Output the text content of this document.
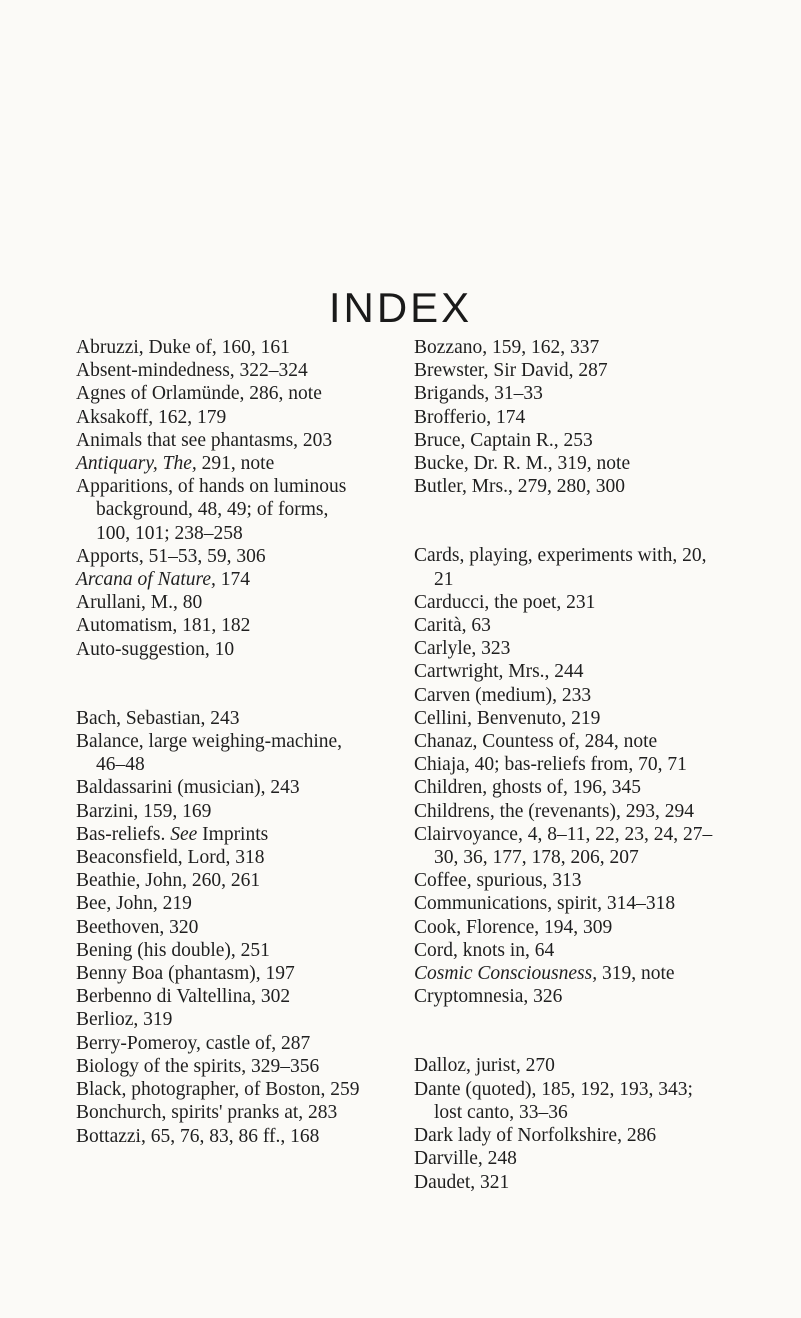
INDEX
Abruzzi, Duke of, 160, 161
Absent-mindedness, 322–324
Agnes of Orlamünde, 286, note
Aksakoff, 162, 179
Animals that see phantasms, 203
Antiquary, The, 291, note
Apparitions, of hands on luminous background, 48, 49; of forms, 100, 101; 238–258
Apports, 51–53, 59, 306
Arcana of Nature, 174
Arullani, M., 80
Automatism, 181, 182
Auto-suggestion, 10
Bach, Sebastian, 243
Balance, large weighing-machine, 46–48
Baldassarini (musician), 243
Barzini, 159, 169
Bas-reliefs. See Imprints
Beaconsfield, Lord, 318
Beathie, John, 260, 261
Bee, John, 219
Beethoven, 320
Bening (his double), 251
Benny Boa (phantasm), 197
Berbenno di Valtellina, 302
Berlioz, 319
Berry-Pomeroy, castle of, 287
Biology of the spirits, 329–356
Black, photographer, of Boston, 259
Bonchurch, spirits' pranks at, 283
Bottazzi, 65, 76, 83, 86 ff., 168
Bozzano, 159, 162, 337
Brewster, Sir David, 287
Brigands, 31–33
Brofferio, 174
Bruce, Captain R., 253
Bucke, Dr. R. M., 319, note
Butler, Mrs., 279, 280, 300
Cards, playing, experiments with, 20, 21
Carducci, the poet, 231
Carità, 63
Carlyle, 323
Cartwright, Mrs., 244
Carven (medium), 233
Cellini, Benvenuto, 219
Chanaz, Countess of, 284, note
Chiaja, 40; bas-reliefs from, 70, 71
Children, ghosts of, 196, 345
Childrens, the (revenants), 293, 294
Clairvoyance, 4, 8–11, 22, 23, 24, 27–30, 36, 177, 178, 206, 207
Coffee, spurious, 313
Communications, spirit, 314–318
Cook, Florence, 194, 309
Cord, knots in, 64
Cosmic Consciousness, 319, note
Cryptomnesia, 326
Dalloz, jurist, 270
Dante (quoted), 185, 192, 193, 343; lost canto, 33–36
Dark lady of Norfolkshire, 286
Darville, 248
Daudet, 321
